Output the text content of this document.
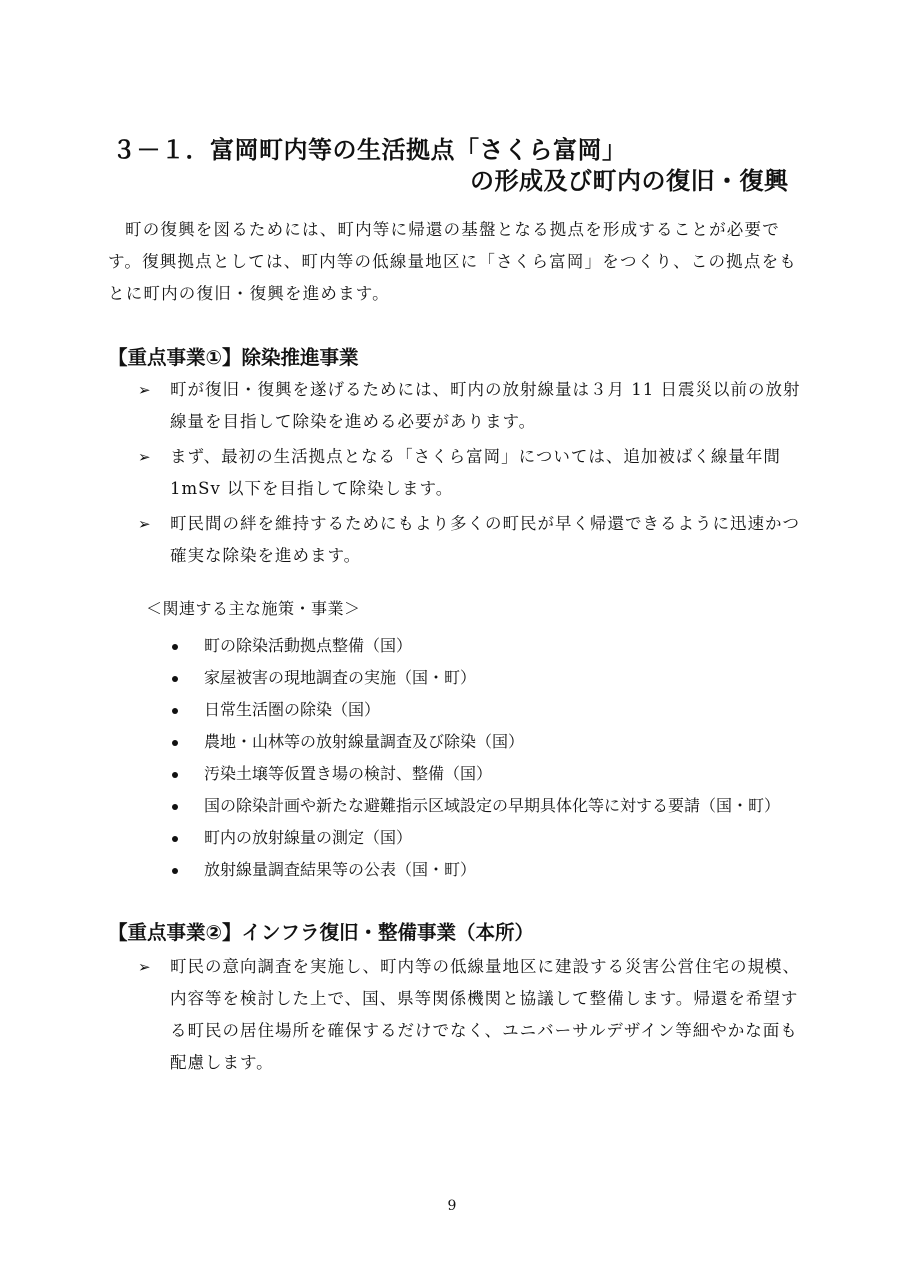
３－１．富岡町内等の生活拠点「さくら富岡」
の形成及び町内の復旧・復興

町の復興を図るためには、町内等に帰還の基盤となる拠点を形成することが必要です。復興拠点としては、町内等の低線量地区に「さくら富岡」をつくり、この拠点をもとに町内の復旧・復興を進めます。

【重点事業①】除染推進事業
➢ 町が復旧・復興を遂げるためには、町内の放射線量は３月 11 日震災以前の放射線量を目指して除染を進める必要があります。
➢ まず、最初の生活拠点となる「さくら富岡」については、追加被ばく線量年間 1mSv 以下を目指して除染します。
➢ 町民間の絆を維持するためにもより多くの町民が早く帰還できるように迅速かつ確実な除染を進めます。
＜関連する主な施策・事業＞
町の除染活動拠点整備（国）
家屋被害の現地調査の実施（国・町）
日常生活圏の除染（国）
農地・山林等の放射線量調査及び除染（国）
汚染土壌等仮置き場の検討、整備（国）
国の除染計画や新たな避難指示区域設定の早期具体化等に対する要請（国・町）
町内の放射線量の測定（国）
放射線量調査結果等の公表（国・町）
【重点事業②】インフラ復旧・整備事業（本所）
➢ 町民の意向調査を実施し、町内等の低線量地区に建設する災害公営住宅の規模、内容等を検討した上で、国、県等関係機関と協議して整備します。帰還を希望する町民の居住場所を確保するだけでなく、ユニバーサルデザイン等細やかな面も配慮します。
9
